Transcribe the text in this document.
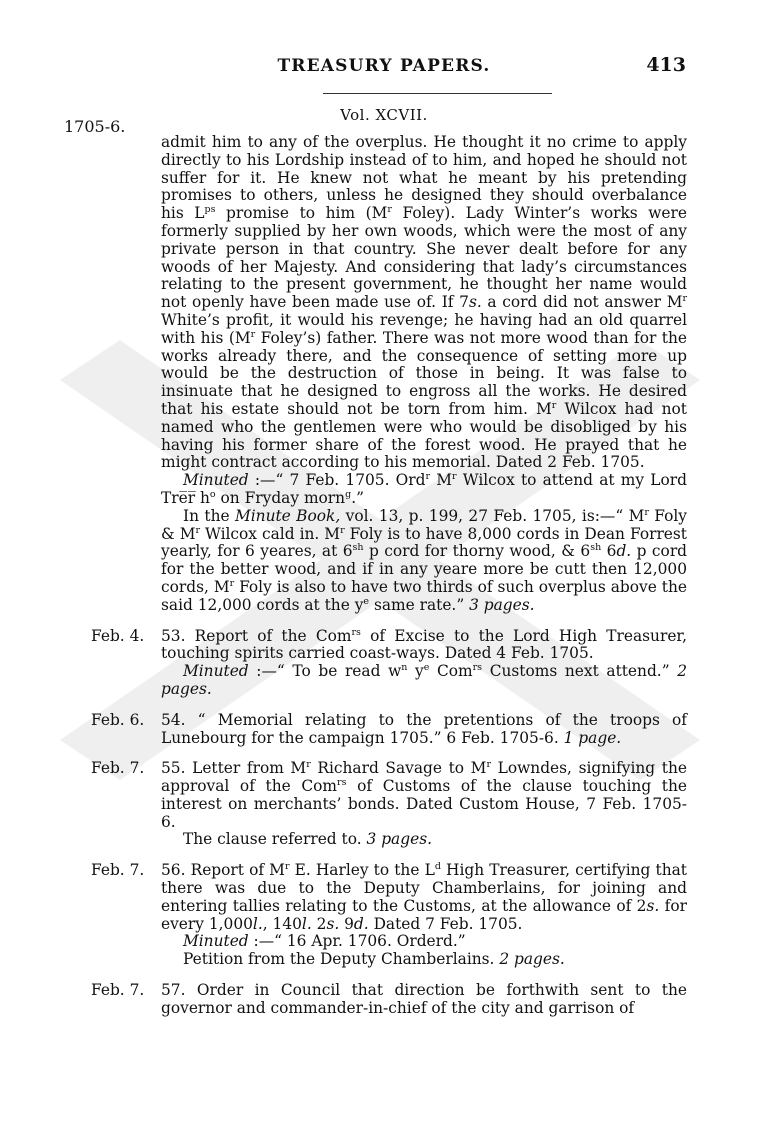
TREASURY PAPERS.	413
Vol. XCVII.
1705-6.

admit him to any of the overplus. He thought it no crime to apply directly to his Lordship instead of to him, and hoped he should not suffer for it. He knew not what he meant by his pretending promises to others, unless he designed they should overbalance his $L^{ps}$ promise to him ($M^r$ Foley). Lady Winter’s works were formerly supplied by her own woods, which were the most of any private person in that country. She never dealt before for any woods of her Majesty. And considering that lady’s circumstances relating to the present government, he thought her name would not openly have been made use of. If 7s. a cord did not answer $M^r$ White’s profit, it would his revenge; he having had an old quarrel with his ($M^r$ Foley’s) father. There was not more wood than for the works already there, and the consequence of setting more up would be the destruction of those in being. It was false to insinuate that he designed to engross all the works. He desired that his estate should not be torn from him. $M^r$ Wilcox had not named who the gentlemen were who would be disobliged by his having his former share of the forest wood. He prayed that he might contract according to his memorial. Dated 2 Feb. 1705.

Minuted :—“ 7 Feb. 1705. Ord$^r$ $M^r$ Wilcox to attend at my Lord Tre̅r̅ $h^o$ on Fryday morn$^g$.”

In the Minute Book, vol. 13, p. 199, 27 Feb. 1705, is:—“ $M^r$ Foly & $M^r$ Wilcox cald in. $M^r$ Foly is to have 8,000 cords in Dean Forrest yearly, for 6 yeares, at $6^{sh}$ p cord for thorny wood, & $6^{sh}$ 6d. p cord for the better wood, and if in any yeare more be cutt then 12,000 cords, $M^r$ Foly is also to have two thirds of such overplus above the said 12,000 cords at the $y^e$ same rate.” 3 pages.

Feb. 4. 53. Report of the Com$^{rs}$ of Excise to the Lord High Treasurer, touching spirits carried coast-ways. Dated 4 Feb. 1705.

Minuted :—“ To be read $w^n$ $y^e$ Com$^{rs}$ Customs next attend.” 2 pages.

Feb. 6. 54. “ Memorial relating to the pretentions of the troops of Lunebourg for the campaign 1705.” 6 Feb. 1705-6. 1 page.

Feb. 7. 55. Letter from $M^r$ Richard Savage to $M^r$ Lowndes, signifying the approval of the Com$^{rs}$ of Customs of the clause touching the interest on merchants’ bonds. Dated Custom House, 7 Feb. 1705-6.

The clause referred to. 3 pages.

Feb. 7. 56. Report of $M^r$ E. Harley to the $L^d$ High Treasurer, certifying that there was due to the Deputy Chamberlains, for joining and entering tallies relating to the Customs, at the allowance of 2s. for every 1,000l., 140l. 2s. 9d. Dated 7 Feb. 1705.

Minuted :—“ 16 Apr. 1706. Orderd.”

Petition from the Deputy Chamberlains. 2 pages.

Feb. 7. 57. Order in Council that direction be forthwith sent to the governor and commander-in-chief of the city and garrison of
